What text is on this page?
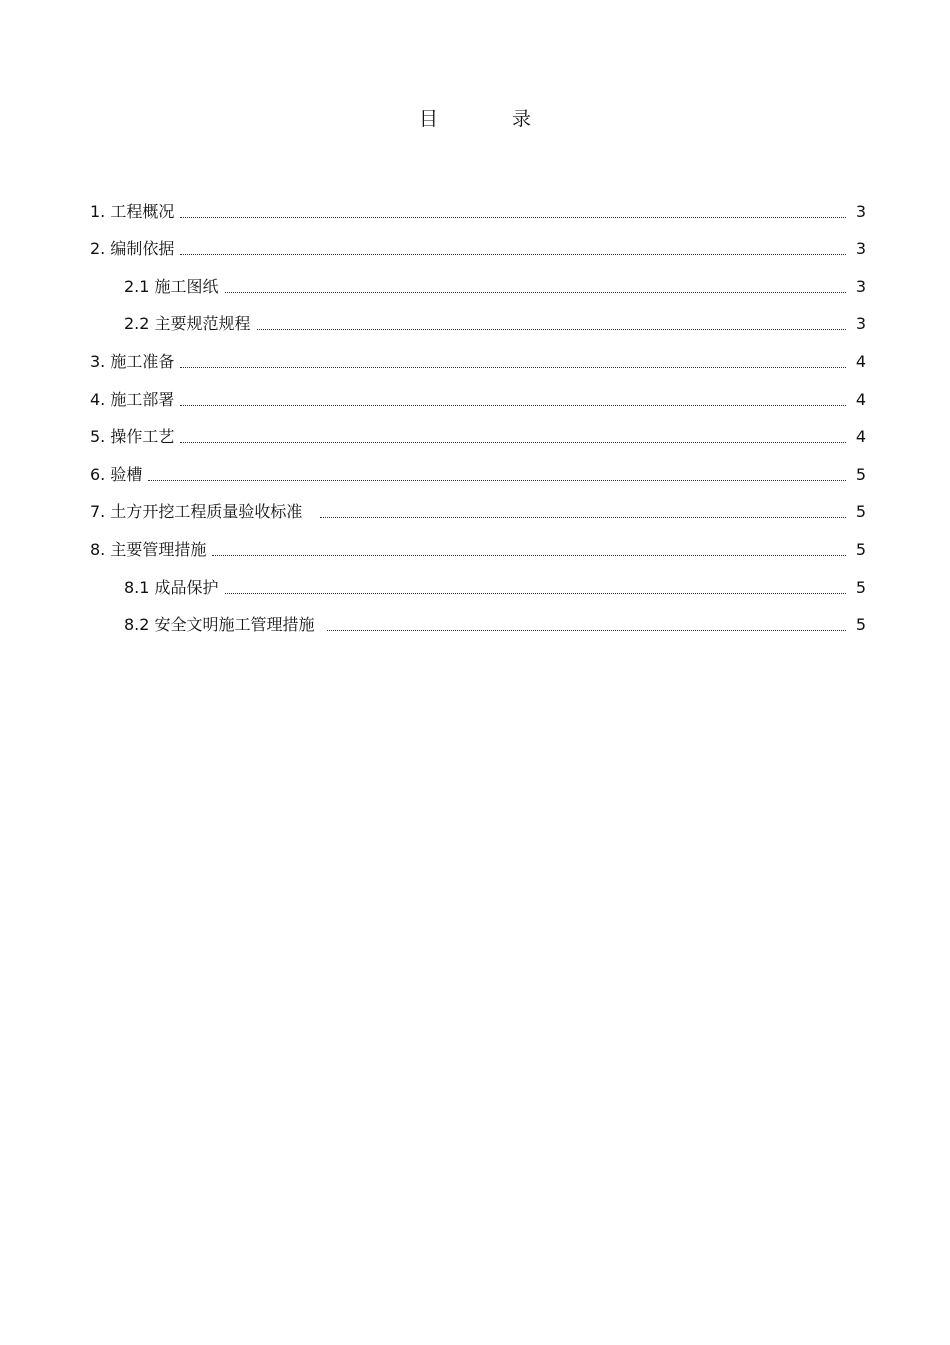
目 录
1. 工程概况	3
2. 编制依据	3
2.1 施工图纸	3
2.2 主要规范规程	3
3. 施工准备	4
4. 施工部署	4
5. 操作工艺	4
6. 验槽	5
7. 土方开挖工程质量验收标准	5
8. 主要管理措施	5
8.1 成品保护	5
8.2 安全文明施工管理措施	5
